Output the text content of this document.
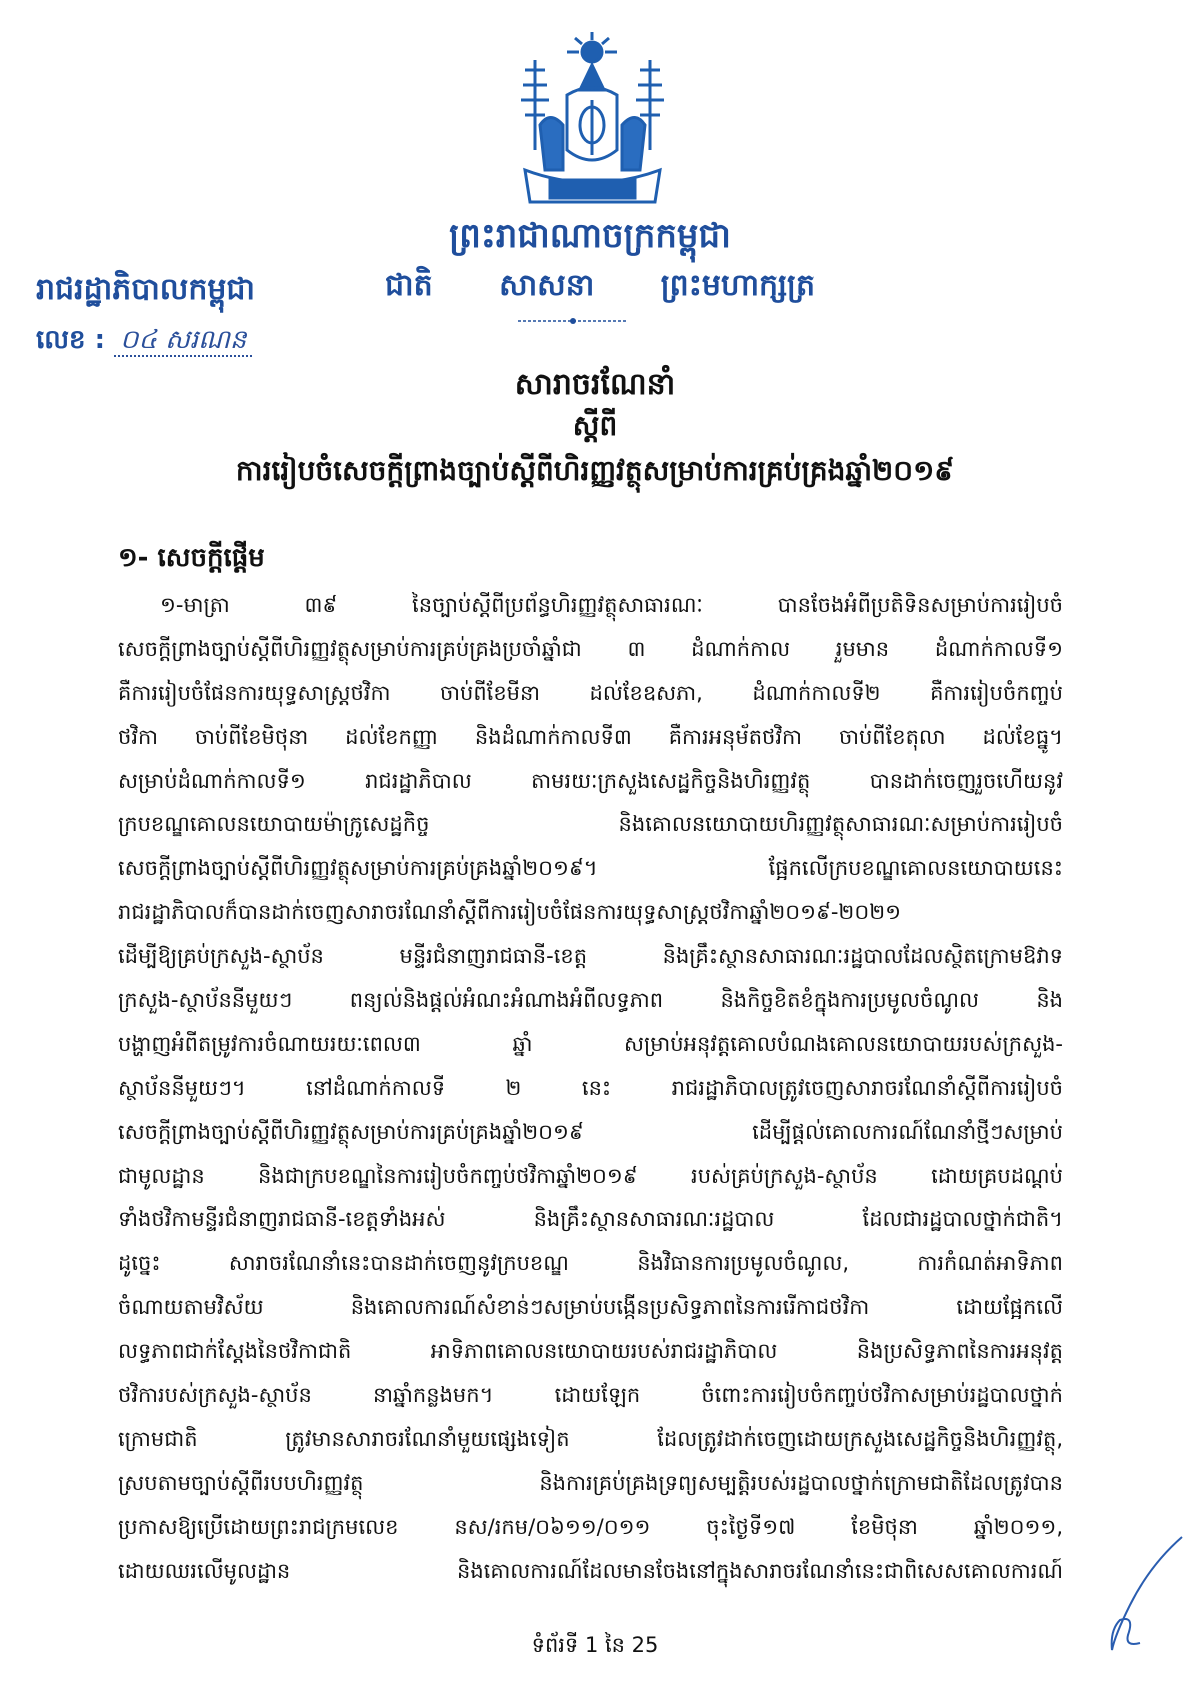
ព្រះរាជាណាចក្រកម្ពុជា
ជាតិ សាសនា ព្រះមហាក្សត្រ
រាជរដ្ឋាភិបាលកម្ពុជា
លេខ : ០៤ សរណន
សារាចរណែនាំ
ស្តីពី
ការរៀបចំសេចក្តីព្រាងច្បាប់ស្តីពីហិរញ្ញវត្ថុសម្រាប់ការគ្រប់គ្រងឆ្នាំ២០១៩
១- សេចក្តីផ្តើម
១-មាត្រា ៣៩ នៃច្បាប់ស្តីពីប្រព័ន្ធហិរញ្ញវត្ថុសាធារណៈ បានចែងអំពីប្រតិទិនសម្រាប់ការរៀបចំ
សេចក្តីព្រាងច្បាប់ស្តីពីហិរញ្ញវត្ថុសម្រាប់ការគ្រប់គ្រងប្រចាំឆ្នាំជា ៣ ដំណាក់កាល រួមមាន ដំណាក់កាលទី១
គឺការរៀបចំផែនការយុទ្ធសាស្ត្រថវិកា ចាប់ពីខែមីនា ដល់ខែឧសភា, ដំណាក់កាលទី២ គឺការរៀបចំកញ្ចប់
ថវិកា ចាប់ពីខែមិថុនា ដល់ខែកញ្ញា និងដំណាក់កាលទី៣ គឺការអនុម័តថវិកា ចាប់ពីខែតុលា ដល់ខែធ្នូ។
សម្រាប់ដំណាក់កាលទី១ រាជរដ្ឋាភិបាល តាមរយៈក្រសួងសេដ្ឋកិច្ចនិងហិរញ្ញវត្ថុ បានដាក់ចេញរួចហើយនូវ
ក្របខណ្ឌគោលនយោបាយម៉ាក្រូសេដ្ឋកិច្ច និងគោលនយោបាយហិរញ្ញវត្ថុសាធារណៈសម្រាប់ការរៀបចំ
សេចក្តីព្រាងច្បាប់ស្តីពីហិរញ្ញវត្ថុសម្រាប់ការគ្រប់គ្រងឆ្នាំ២០១៩។ ផ្អែកលើក្របខណ្ឌគោលនយោបាយនេះ
រាជរដ្ឋាភិបាលក៏បានដាក់ចេញសារាចរណែនាំស្តីពីការរៀបចំផែនការយុទ្ធសាស្ត្រថវិកាឆ្នាំ២០១៩-២០២១
ដើម្បីឱ្យគ្រប់ក្រសួង-ស្ថាប័ន មន្ទីរជំនាញរាជធានី-ខេត្ត និងគ្រឹះស្ថានសាធារណៈរដ្ឋបាលដែលស្ថិតក្រោមឱវាទ
ក្រសួង-ស្ថាប័ននីមួយៗ ពន្យល់និងផ្តល់អំណះអំណាងអំពីលទ្ធភាព និងកិច្ចខិតខំក្នុងការប្រមូលចំណូល និង
បង្ហាញអំពីតម្រូវការចំណាយរយៈពេល៣ ឆ្នាំ សម្រាប់អនុវត្តគោលបំណងគោលនយោបាយរបស់ក្រសួង-
ស្ថាប័ននីមួយៗ។ នៅដំណាក់កាលទី ២ នេះ រាជរដ្ឋាភិបាលត្រូវចេញសារាចរណែនាំស្តីពីការរៀបចំ
សេចក្តីព្រាងច្បាប់ស្តីពីហិរញ្ញវត្ថុសម្រាប់ការគ្រប់គ្រងឆ្នាំ២០១៩ ដើម្បីផ្តល់គោលការណ៍ណែនាំថ្មីៗសម្រាប់
ជាមូលដ្ឋាន និងជាក្របខណ្ឌនៃការរៀបចំកញ្ចប់ថវិកាឆ្នាំ២០១៩ របស់គ្រប់ក្រសួង-ស្ថាប័ន ដោយគ្របដណ្តប់
ទាំងថវិកាមន្ទីរជំនាញរាជធានី-ខេត្តទាំងអស់ និងគ្រឹះស្ថានសាធារណៈរដ្ឋបាល ដែលជារដ្ឋបាលថ្នាក់ជាតិ។
ដូច្នេះ សារាចរណែនាំនេះបានដាក់ចេញនូវក្របខណ្ឌ និងវិធានការប្រមូលចំណូល, ការកំណត់អាទិភាព
ចំណាយតាមវិស័យ និងគោលការណ៍សំខាន់ៗសម្រាប់បង្កើនប្រសិទ្ធភាពនៃការរើកាជថវិកា ដោយផ្អែកលើ
លទ្ធភាពជាក់ស្តែងនៃថវិកាជាតិ អាទិភាពគោលនយោបាយរបស់រាជរដ្ឋាភិបាល និងប្រសិទ្ធភាពនៃការអនុវត្ត
ថវិការបស់ក្រសួង-ស្ថាប័ន នាឆ្នាំកន្លងមក។ ដោយឡែក ចំពោះការរៀបចំកញ្ចប់ថវិកាសម្រាប់រដ្ឋបាលថ្នាក់
ក្រោមជាតិ ត្រូវមានសារាចរណែនាំមួយផ្សេងទៀត ដែលត្រូវដាក់ចេញដោយក្រសួងសេដ្ឋកិច្ចនិងហិរញ្ញវត្ថុ,
ស្របតាមច្បាប់ស្តីពីរបបហិរញ្ញវត្ថុ និងការគ្រប់គ្រងទ្រព្យសម្បត្តិរបស់រដ្ឋបាលថ្នាក់ក្រោមជាតិដែលត្រូវបាន
ប្រកាសឱ្យប្រើដោយព្រះរាជក្រមលេខ នស/រកម/០៦១១/០១១ ចុះថ្ងៃទី១៧ ខែមិថុនា ឆ្នាំ២០១១,
ដោយឈរលើមូលដ្ឋាន និងគោលការណ៍ដែលមានចែងនៅក្នុងសារាចរណែនាំនេះជាពិសេសគោលការណ៍
ទំព័រទី 1 នៃ 25
